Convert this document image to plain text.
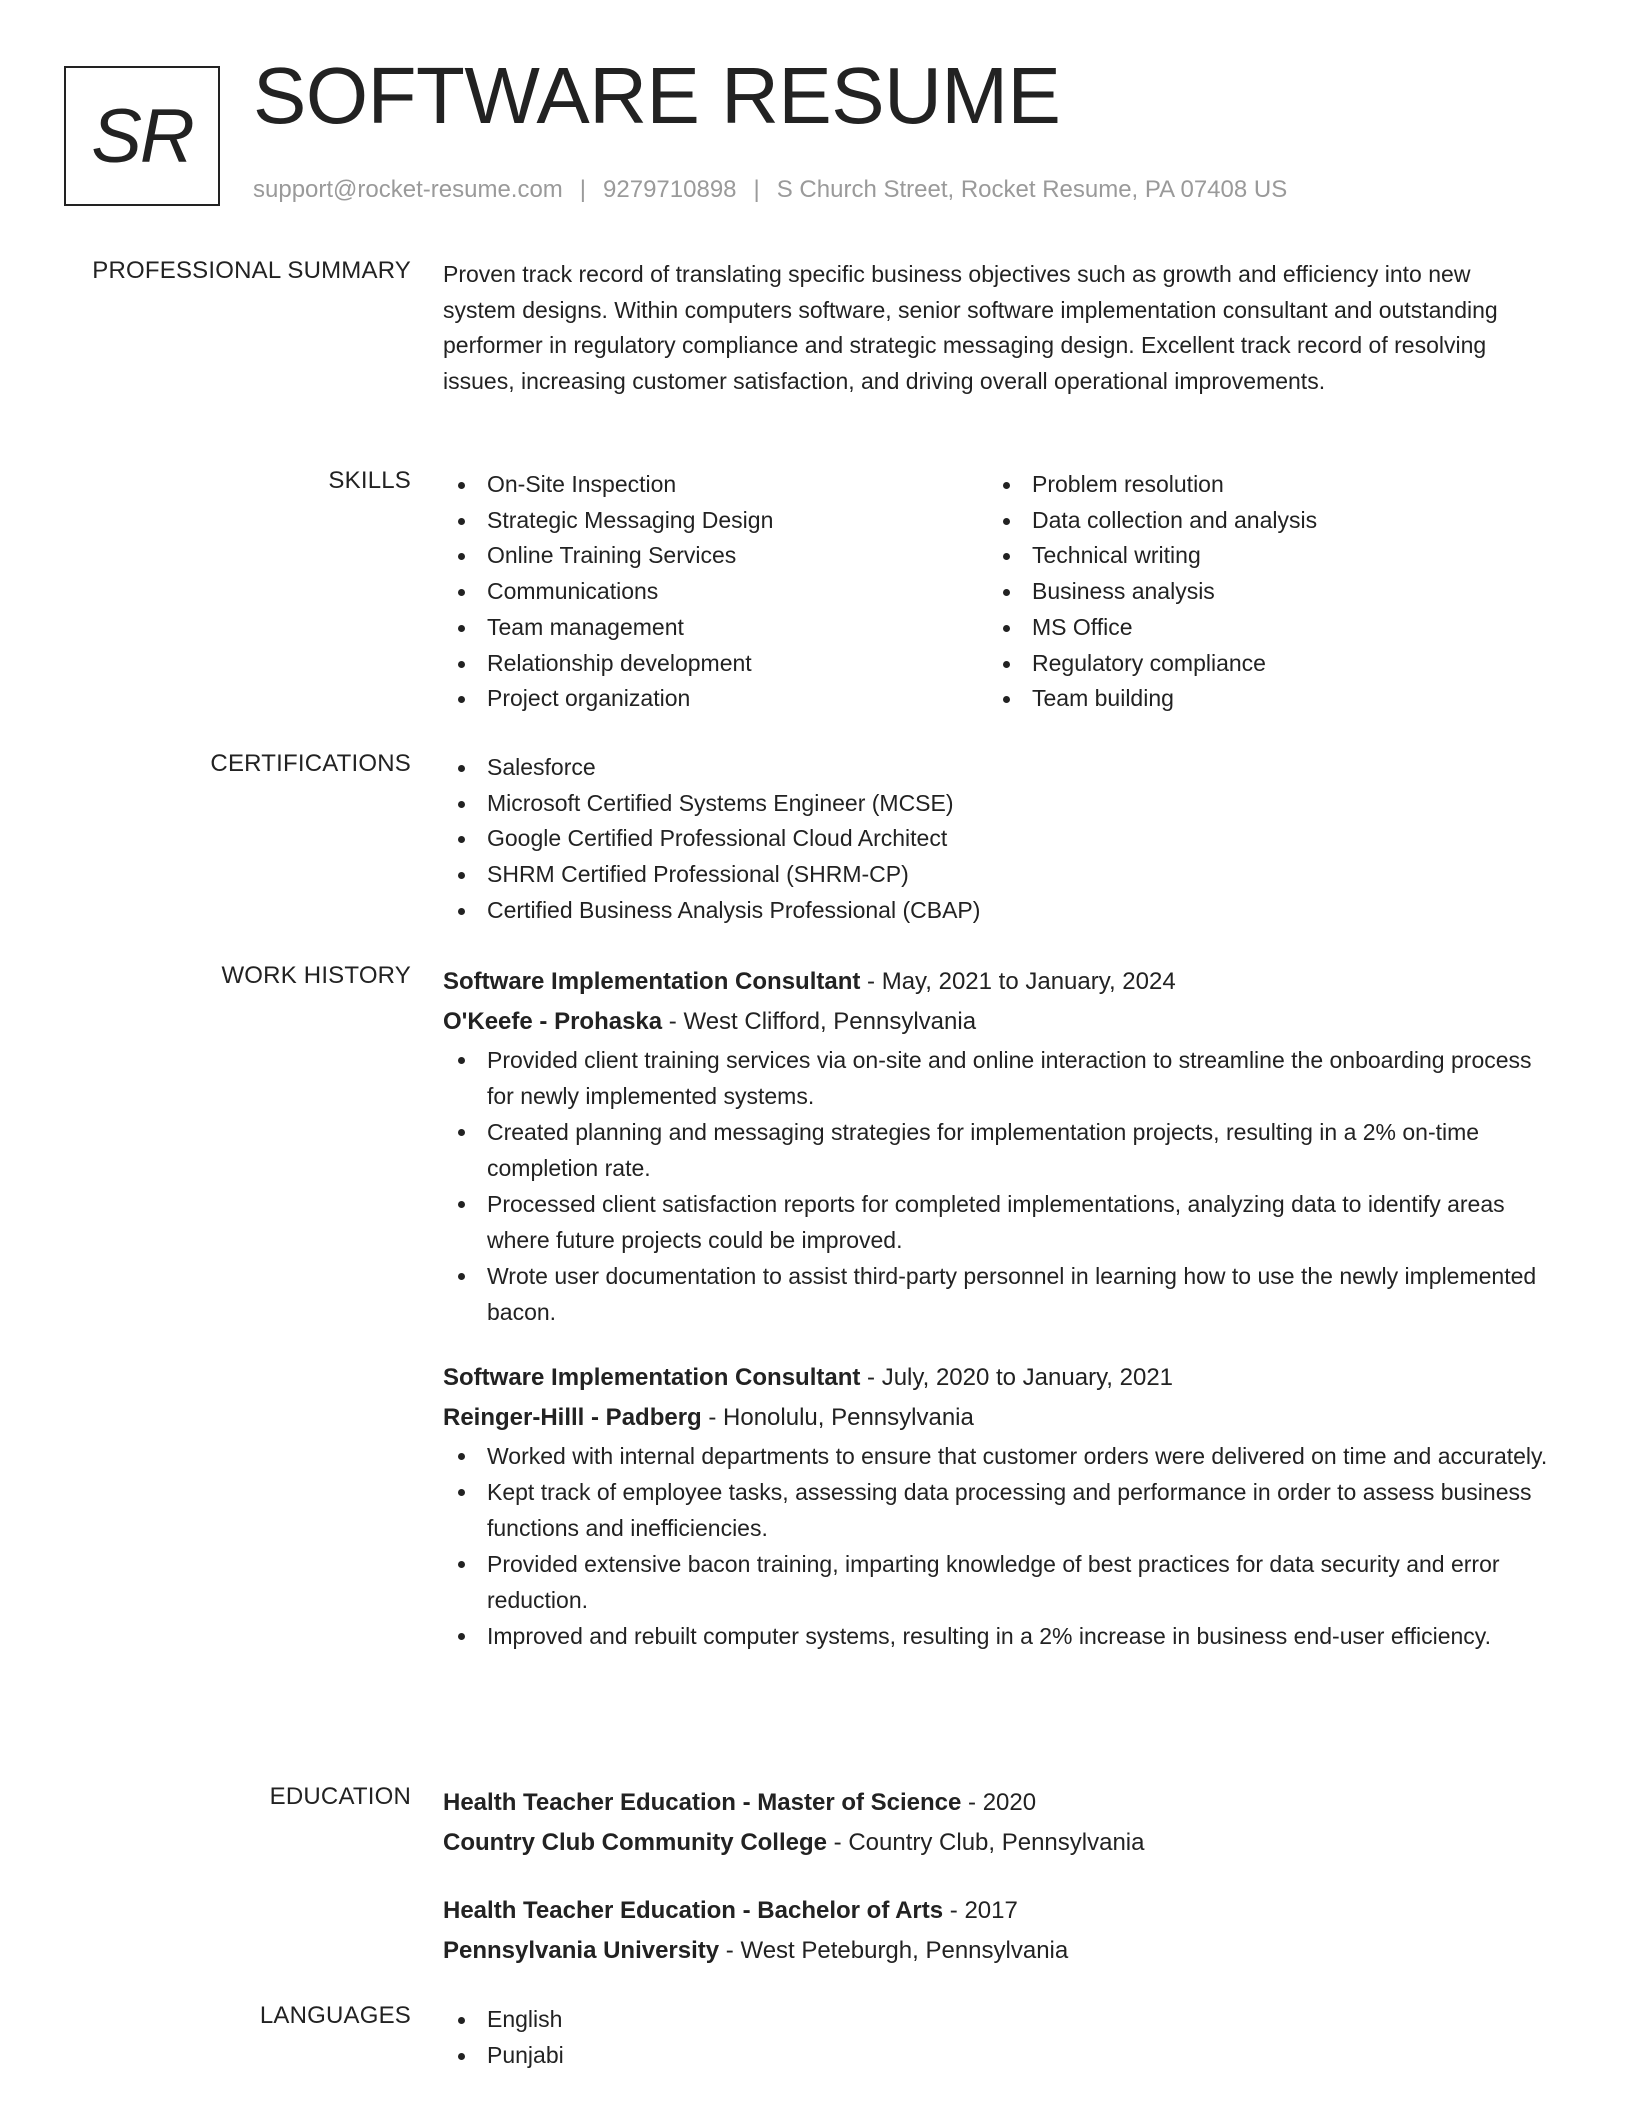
SR SOFTWARE RESUME
support@rocket-resume.com | 9279710898 | S Church Street, Rocket Resume, PA 07408 US
PROFESSIONAL SUMMARY Proven track record of translating specific business objectives such as growth and efficiency into new system designs. Within computers software, senior software implementation consultant and outstanding performer in regulatory compliance and strategic messaging design. Excellent track record of resolving issues, increasing customer satisfaction, and driving overall operational improvements.
SKILLS	On-Site Inspection
Strategic Messaging Design
Online Training Services
Communications
Team management
Relationship development
Project organization
Problem resolution
Data collection and analysis
Technical writing
Business analysis
MS Office
Regulatory compliance
Team building
CERTIFICATIONS	Salesforce
Microsoft Certified Systems Engineer (MCSE)
Google Certified Professional Cloud Architect
SHRM Certified Professional (SHRM-CP)
Certified Business Analysis Professional (CBAP)
WORK HISTORY Software Implementation Consultant - May, 2021 to January, 2024
O'Keefe - Prohaska - West Clifford, Pennsylvania
Provided client training services via on-site and online interaction to streamline the onboarding process for newly implemented systems.
Created planning and messaging strategies for implementation projects, resulting in a 2% on-time completion rate.
Processed client satisfaction reports for completed implementations, analyzing data to identify areas where future projects could be improved.
Wrote user documentation to assist third-party personnel in learning how to use the newly implemented bacon.
Software Implementation Consultant - July, 2020 to January, 2021
Reinger-Hilll - Padberg - Honolulu, Pennsylvania
Worked with internal departments to ensure that customer orders were delivered on time and accurately.
Kept track of employee tasks, assessing data processing and performance in order to assess business functions and inefficiencies.
Provided extensive bacon training, imparting knowledge of best practices for data security and error reduction.
Improved and rebuilt computer systems, resulting in a 2% increase in business end-user efficiency.
EDUCATION Health Teacher Education - Master of Science - 2020
Country Club Community College - Country Club, Pennsylvania
Health Teacher Education - Bachelor of Arts - 2017
Pennsylvania University - West Peteburgh, Pennsylvania
LANGUAGES	English
Punjabi
